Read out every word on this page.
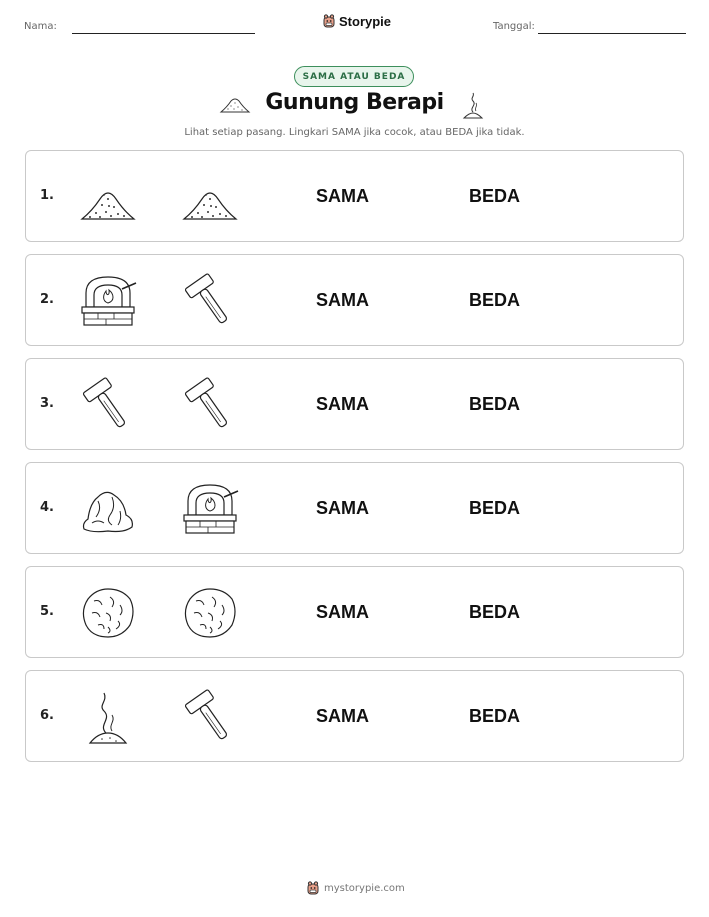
Nama:	Storypie	Tanggal:
SAMA ATAU BEDA
Gunung Berapi
Lihat setiap pasang. Lingkari SAMA jika cocok, atau BEDA jika tidak.
1.	SAMA	BEDA
2.	SAMA	BEDA
3.	SAMA	BEDA
4.	SAMA	BEDA
5.	SAMA	BEDA
6.	SAMA	BEDA
mystorypie.com
